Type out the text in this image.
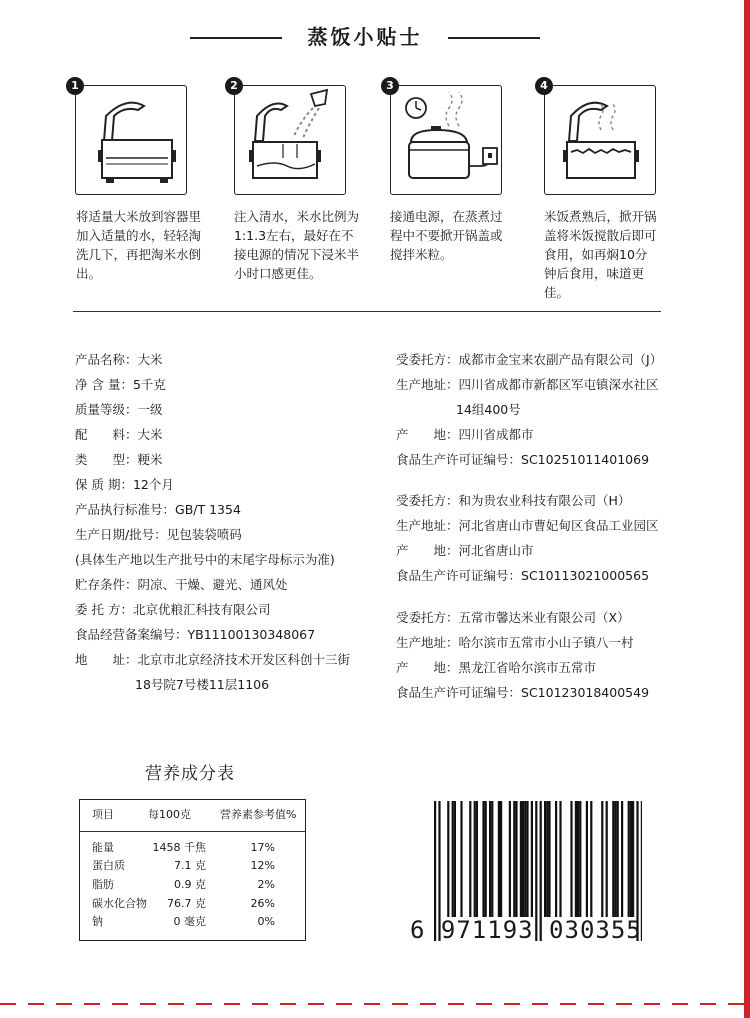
蒸饭小贴士
1	2	3	4
将适量大米放到容器里加入适量的水，轻轻淘洗几下，再把淘米水倒出。
注入清水，米水比例为1:1.3左右，最好在不接电源的情况下浸米半小时口感更佳。
接通电源，在蒸煮过程中不要掀开锅盖或搅拌米粒。
米饭煮熟后，掀开锅盖将米饭搅散后即可食用，如再焖10分钟后食用，味道更佳。
产品名称：大米
净 含 量：5千克
质量等级：一级
配　　料：大米
类　　型：粳米
保 质 期：12个月
产品执行标准号：GB/T 1354
生产日期/批号：见包装袋喷码
(具体生产地以生产批号中的末尾字母标示为准)
贮存条件：阴凉、干燥、避光、通风处
委 托 方：北京优粮汇科技有限公司
食品经营备案编号：YB11100130348067
地　　址：北京市北京经济技术开发区科创十三街
18号院7号楼11层1106
受委托方：成都市金宝来农副产品有限公司（J）
生产地址：四川省成都市新都区军屯镇深水社区
14组400号
产　　地：四川省成都市
食品生产许可证编号：SC10251011401069
受委托方：和为贵农业科技有限公司（H）
生产地址：河北省唐山市曹妃甸区食品工业园区
产　　地：河北省唐山市
食品生产许可证编号：SC10113021000565
受委托方：五常市馨达米业有限公司（X）
生产地址：哈尔滨市五常市小山子镇八一村
产　　地：黑龙江省哈尔滨市五常市
食品生产许可证编号：SC10123018400549
营养成分表
项目	每100克	营养素参考值%
能量	1458 千焦	17%
蛋白质	7.1 克	12%
脂肪	0.9 克	2%
碳水化合物 76.7 克	26%
钠	0 毫克	0%	6 971193 030355
